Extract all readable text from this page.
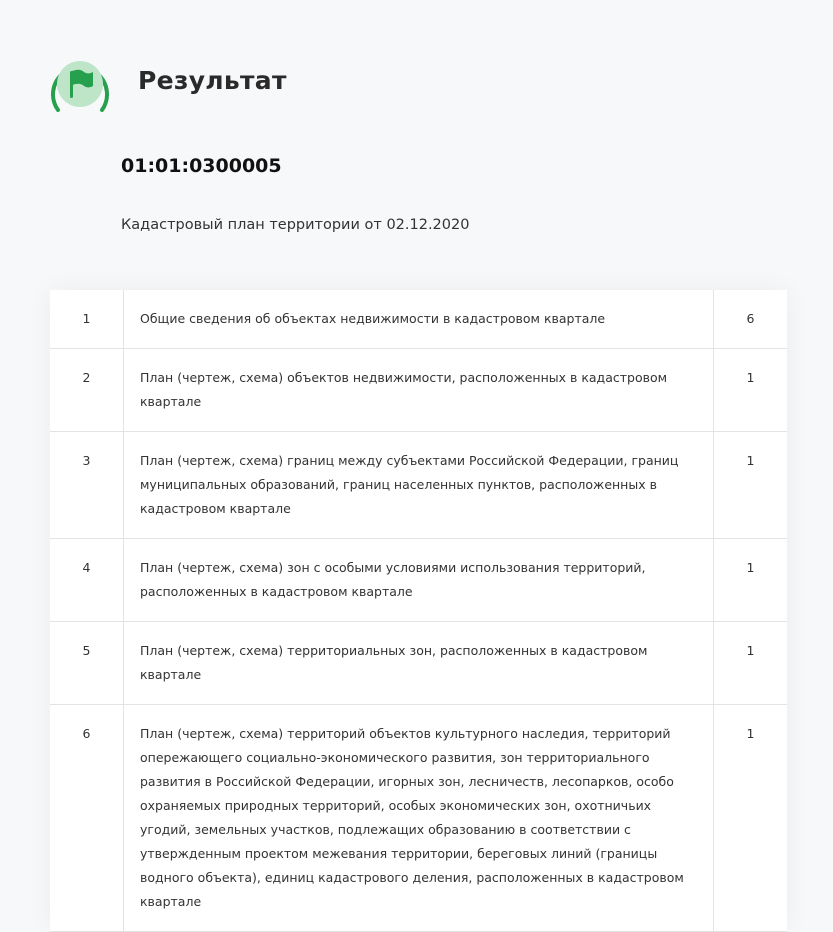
Результат
01:01:0300005
Кадастровый план территории от 02.12.2020
1	Общие сведения об объектах недвижимости в кадастровом квартале	6
2	План (чертеж, схема) объектов недвижимости, расположенных в кадастровом квартале	1
3	План (чертеж, схема) границ между субъектами Российской Федерации, границ муниципальных образований, границ населенных пунктов, расположенных в кадастровом квартале	1
4	План (чертеж, схема) зон с особыми условиями использования территорий, расположенных в кадастровом квартале	1
5	План (чертеж, схема) территориальных зон, расположенных в кадастровом квартале	1
6	План (чертеж, схема) территорий объектов культурного наследия, территорий опережающего социально-экономического развития, зон территориального развития в Российской Федерации, игорных зон, лесничеств, лесопарков, особо охраняемых природных территорий, особых экономических зон, охотничьих угодий, земельных участков, подлежащих образованию в соответствии с утвержденным проектом межевания территории, береговых линий (границы водного объекта), единиц кадастрового деления, расположенных в кадастровом квартале	1
